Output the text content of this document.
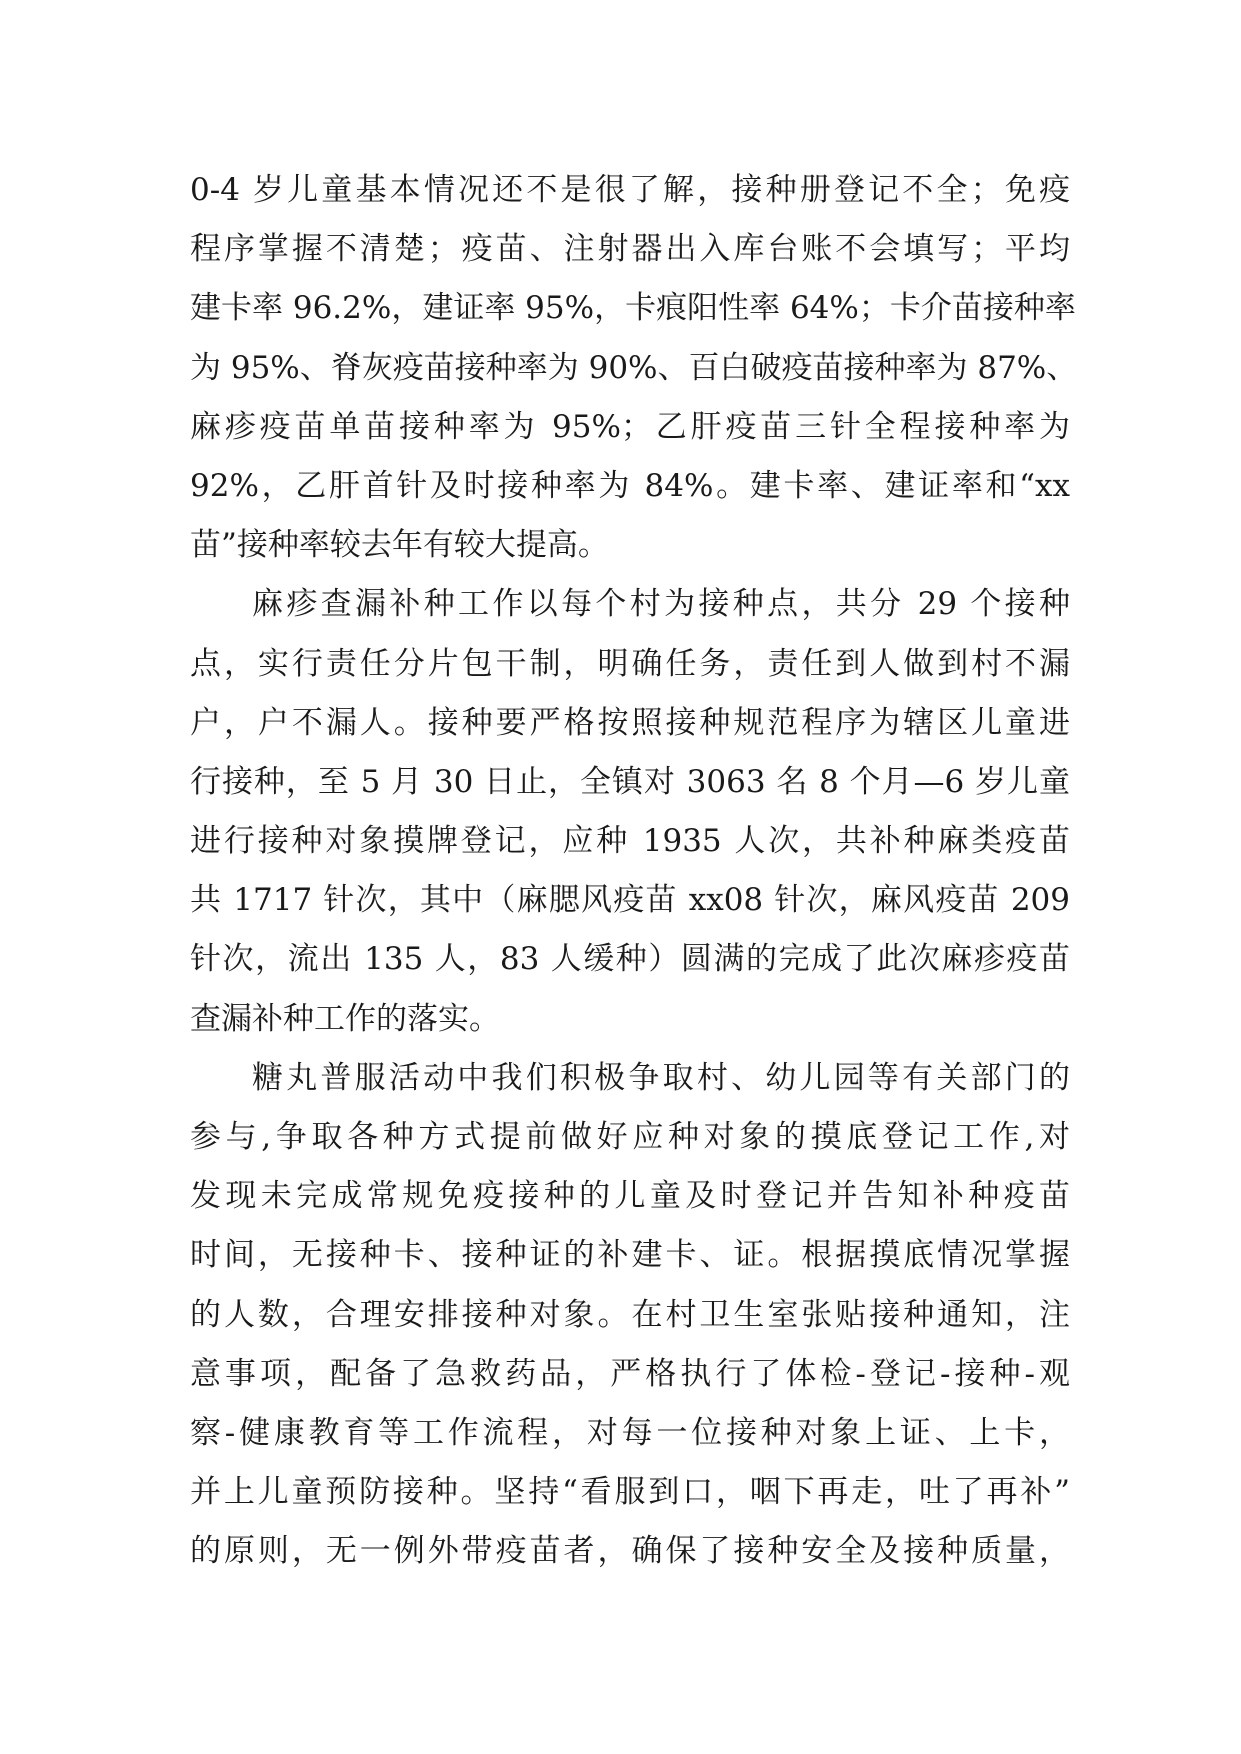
0-4 岁儿童基本情况还不是很了解，接种册登记不全；免疫
程序掌握不清楚；疫苗、注射器出入库台账不会填写；平均
建卡率 96.2%，建证率 95%，卡痕阳性率 64%；卡介苗接种率
为 95%、脊灰疫苗接种率为 90%、百白破疫苗接种率为 87%、
麻疹疫苗单苗接种率为 95%；乙肝疫苗三针全程接种率为
92%，乙肝首针及时接种率为 84%。建卡率、建证率和“xx
苗”接种率较去年有较大提高。
麻疹查漏补种工作以每个村为接种点，共分 29 个接种
点，实行责任分片包干制，明确任务，责任到人做到村不漏
户，户不漏人。接种要严格按照接种规范程序为辖区儿童进
行接种，至 5 月 30 日止，全镇对 3063 名 8 个月—6 岁儿童
进行接种对象摸牌登记，应种 1935 人次，共补种麻类疫苗
共 1717 针次，其中（麻腮风疫苗 xx08 针次，麻风疫苗 209
针次，流出 135 人，83 人缓种）圆满的完成了此次麻疹疫苗
查漏补种工作的落实。
糖丸普服活动中我们积极争取村、幼儿园等有关部门的
参与,争取各种方式提前做好应种对象的摸底登记工作,对
发现未完成常规免疫接种的儿童及时登记并告知补种疫苗
时间，无接种卡、接种证的补建卡、证。根据摸底情况掌握
的人数，合理安排接种对象。在村卫生室张贴接种通知，注
意事项，配备了急救药品，严格执行了体检-登记-接种-观
察-健康教育等工作流程，对每一位接种对象上证、上卡，
并上儿童预防接种。坚持“看服到口，咽下再走，吐了再补”
的原则，无一例外带疫苗者，确保了接种安全及接种质量，
